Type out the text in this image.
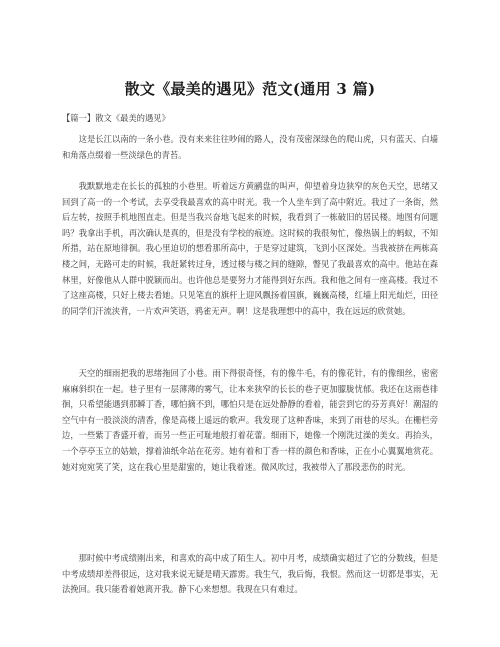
散文《最美的遇见》范文(通用 3 篇)
【篇一】散文《最美的遇见》

这是长江以南的一条小巷。没有来来往往吵闹的路人，没有茂密深绿色的爬山虎，只有蓝天、白墙和角落点缀着一些淡绿色的青苔。

我默默地走在长长的孤独的小巷里。听着远方黄鹂盘的叫声，仰望着身边狭窄的灰色天空，思绪又回到了高一的一个考试，去享受我最喜欢的高中时光。我一个人坐车到了高中附近。我过了一条街，然后左转，按照手机地图直走。但是当我兴奋地飞起来的时候，我看到了一栋破旧的居民楼。地图有问题吗？我拿出手机，再次确认是真的，但是没有学校的痕迹。这时候的我很匆忙，像热锅上的蚂蚁，不知所措，站在原地徘徊。我心里迫切的想看那所高中，于是穿过建筑，飞到小区深处。当我被挤在两栋高楼之间，无路可走的时候，我赶紧转过身，透过楼与楼之间的缝隙，瞥见了我最喜欢的高中。他站在森林里，好像他从人群中脱颖而出。也许他总是要努力才能得到好东西。我和他之间有一座高楼。我过不了这座高楼，只好上楼去看她。只见笔直的旗杆上迎风飘扬着国旗，巍巍高楼，红墙上阳光灿烂，田径的同学们汗流浃背，一片欢声笑语，鸦雀无声。啊！这是我理想中的高中，我在远远的欣赏她。

天空的细雨把我的思绪拖回了小巷。雨下得很奇怪，有的像牛毛，有的像花针，有的像细丝，密密麻麻斜织在一起。巷子里有一层薄薄的雾气，让本来狭窄的长长的巷子更加朦胧忧郁。我还在这雨巷徘徊，只希望能遇到那瞬丁香，哪怕摘不到，哪怕只是在远处静静的看着，能尝到它的芬芳真好！潮湿的空气中有一股淡淡的清香，像是高楼上遥远的歌声。我发现了这种香味，来到了雨巷的尽头。在栅栏旁边，一些紫丁香盛开着，而另一些正可耻地般打着花蕾。细雨下，她像一个刚洗过澡的美女。再抬头，一个亭亭玉立的姑娘，撑着油纸伞站在花旁。她有着和丁香一样的颜色和香味，正在小心翼翼地赏花。她对宛宛笑了笑，这在我心里是甜蜜的，她让我着迷。微风吹过，我被带入了那段悲伤的时光。

那时候中考成绩刚出来，和喜欢的高中成了陌生人。初中月考，成绩确实超过了它的分数线，但是中考成绩却差得很远，这对我来说无疑是晴天霹雳。我生气，我后悔，我恨。然而这一切都是事实，无法挽回。我只能看着她离开我。静下心来想想。我现在只有难过。
